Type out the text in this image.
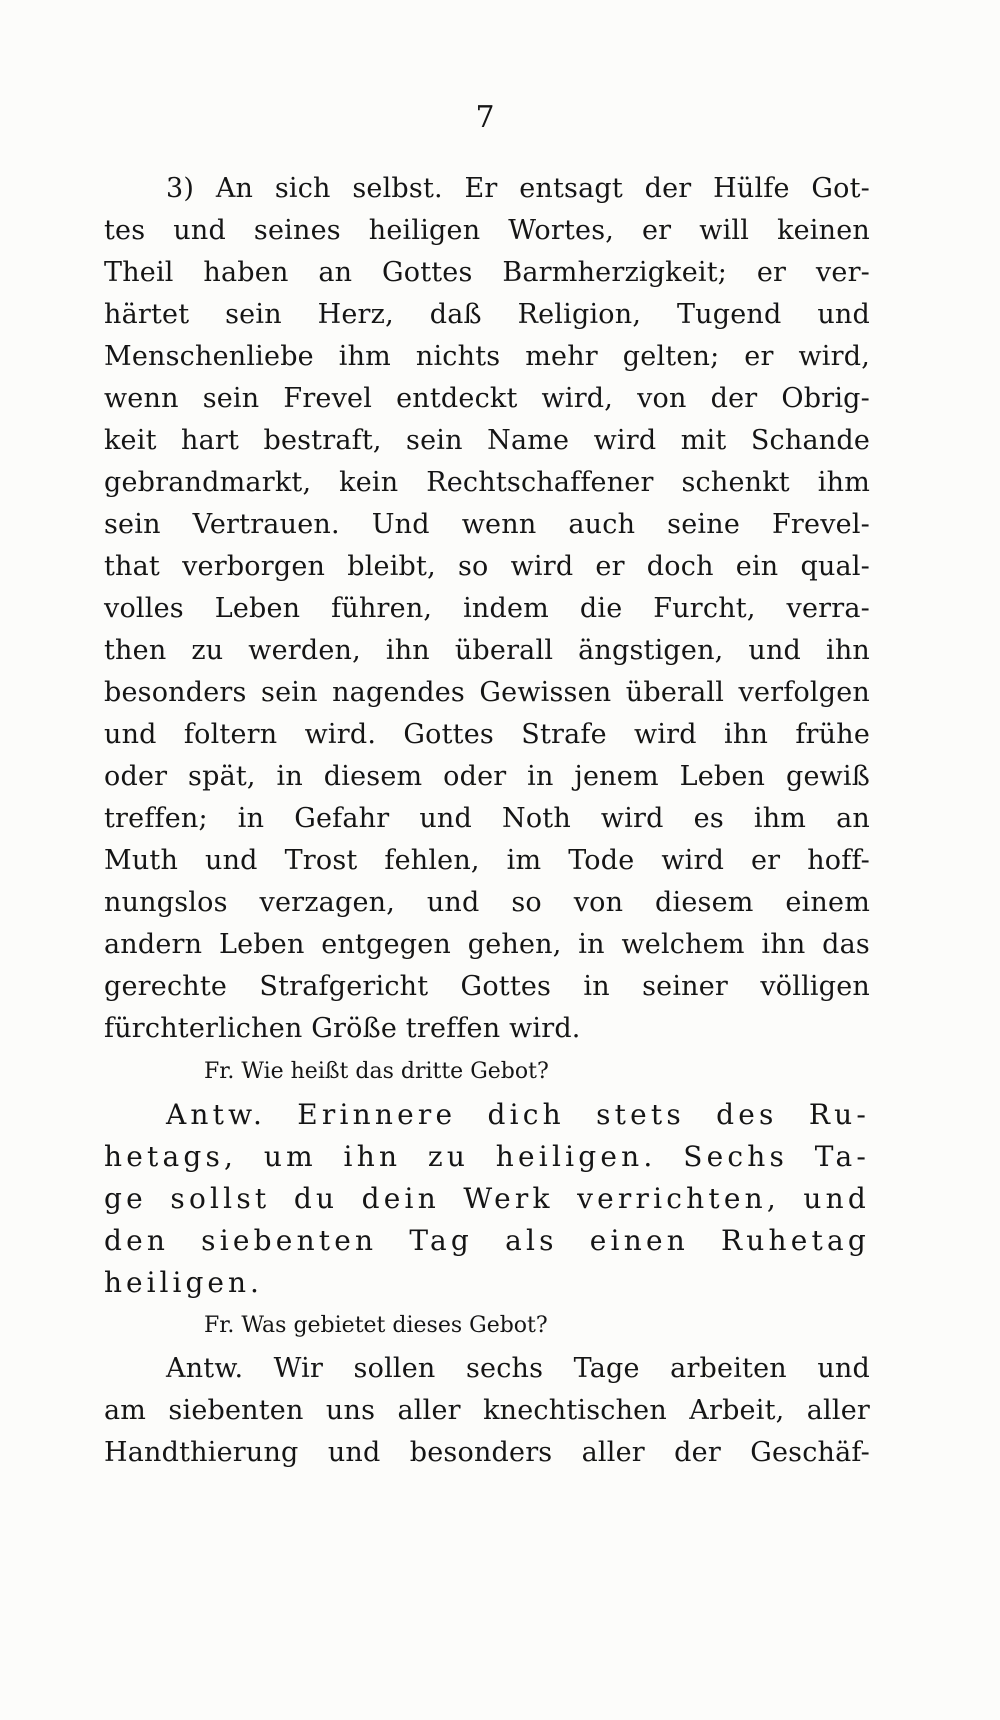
7
3) An sich selbst. Er entsagt der Hülfe Got-
tes und seines heiligen Wortes, er will keinen
Theil haben an Gottes Barmherzigkeit; er ver-
härtet sein Herz, daß Religion, Tugend und
Menschenliebe ihm nichts mehr gelten; er wird,
wenn sein Frevel entdeckt wird, von der Obrig-
keit hart bestraft, sein Name wird mit Schande
gebrandmarkt, kein Rechtschaffener schenkt ihm
sein Vertrauen. Und wenn auch seine Frevel-
that verborgen bleibt, so wird er doch ein qual-
volles Leben führen, indem die Furcht, verra-
then zu werden, ihn überall ängstigen, und ihn
besonders sein nagendes Gewissen überall verfolgen
und foltern wird. Gottes Strafe wird ihn frühe
oder spät, in diesem oder in jenem Leben gewiß
treffen; in Gefahr und Noth wird es ihm an
Muth und Trost fehlen, im Tode wird er hoff-
nungslos verzagen, und so von diesem einem
andern Leben entgegen gehen, in welchem ihn das
gerechte Strafgericht Gottes in seiner völligen
fürchterlichen Größe treffen wird.
Fr. Wie heißt das dritte Gebot?
Antw. Erinnere dich stets des Ru-
hetags, um ihn zu heiligen. Sechs Ta-
ge sollst du dein Werk verrichten, und
den siebenten Tag als einen Ruhetag
heiligen.
Fr. Was gebietet dieses Gebot?
Antw. Wir sollen sechs Tage arbeiten und
am siebenten uns aller knechtischen Arbeit, aller
Handthierung und besonders aller der Geschäf-
